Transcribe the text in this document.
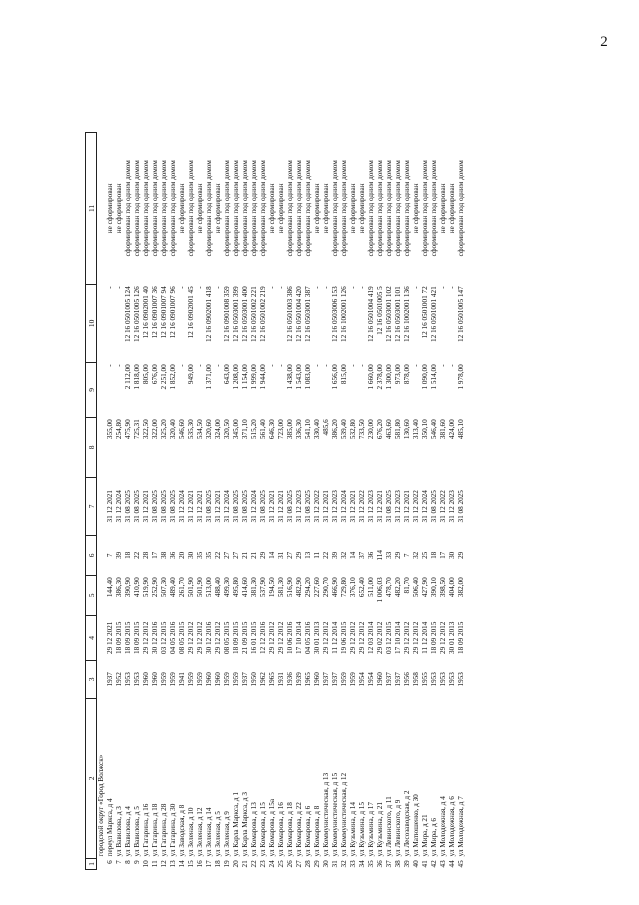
2
1	2	3	4	5	6	7	8	9	10	11
	городской округ «Город Волжск»									
6	переул Маркса, д 4	1937	29 12 2021	144,40	7	31 12 2021	355,00	-	-	не сформирован
7	ул Вавилова, д 3	1952	18 09 2015	386,30	39	31 12 2024	254,80	-	-	не сформирован
8	ул Вавилова, д 4	1953	18 09 2015	390,90	18	31 08 2025	475,90	2 112,00	12 16 0501005 124	сформирован под одним домом
9	ул Вавилова, д 5	1953	18 09 2015	410,90	22	31 08 2025	725,31	1 818,00	12 16 0501005 126	сформирован под одним домом
10	ул Гагарина, д 16	1960	29 12 2012	519,90	28	31 12 2021	322,50	805,00	12 16 0902001 40	сформирован под одним домом
11	ул Гагарина, д 18	1960	30 12 2016	252,90	17	31 08 2025	322,00	676,00	12 16 0901007 36	сформирован под одним домом
12	ул Гагарина, д 28	1959	03 12 2015	507,30	38	31 08 2025	325,20	2 251,00	12 16 0901007 94	сформирован под одним домом
13	ул Гагарина, д 30	1959	04 05 2016	489,40	36	31 08 2025	320,40	1 852,00	12 16 0901007 96	сформирован под одним домом
14	ул Заводская, д 8	1941	08 05 2015	261,70	20	31 12 2024	546,60	-	-	не сформирован
15	ул Зеленая, д 10	1959	29 12 2012	501,90	30	31 12 2021	535,30	949,00	12 16 0902001 45	сформирован под одним домом
16	ул Зеленая, д 12	1959	29 12 2012	501,90	35	31 12 2021	534,50	-	-	не сформирован
17	ул Зеленая, д 14	1960	30 12 2016	513,00	35	31 08 2025	320,60	1 371,00	12 16 0902001 418	сформирован под одним домом
18	ул Зеленая, д 5	1960	29 12 2012	488,40	22	31 12 2021	324,00	-	-	не сформирован
19	ул Зеленая, д 9	1959	08 05 2015	499,30	27	31 12 2024	320,50	643,00	12 16 0901008 359	сформирован под одним домом
20	ул Карла Маркса, д 1	1959	18 09 2015	495,80	27	31 08 2025	345,00	1 208,00	12 16 0503001 399	сформирован под одним домом
21	ул Карла Маркса, д 3	1937	21 09 2015	414,60	21	31 08 2025	371,10	1 154,00	12 16 0503001 400	сформирован под одним домом
22	ул Комарова, д 13	1950	16 01 2015	381,30	21	31 12 2024	515,20	1 999,00	12 16 0501002 221	сформирован под одним домом
23	ул Комарова, д 15	1962	12 12 2016	537,90	29	31 08 2025	561,40	1 944,00	12 16 0501002 219	сформирован под одним домом
24	ул Комарова, д 15а	1965	29 12 2012	194,50	14	31 12 2021	646,30	-	-	не сформирован
25	ул Комарова, д 16	1931	29 12 2012	581,30	31	31 12 2021	723,00	-	-	не сформирован
26	ул Комарова, д 18	1936	10 06 2016	516,90	27	31 08 2025	385,00	1 438,00	12 16 0501003 386	сформирован под одним домом
27	ул Комарова, д 22	1939	17 10 2014	482,90	29	31 12 2023	336,30	1 543,00	12 16 0501004 420	сформирован под одним домом
28	ул Комарова, д 6	1965	04 05 2016	294,20	13	31 08 2025	541,10	1 083,00	12 16 0503001 387	сформирован под одним домом
29	ул Комарова, д 8	1960	30 01 2013	227,60	11	31 12 2022	330,40	-	-	не сформирован
30	ул Коммунистическая, д 13	1937	29 12 2012	290,70	22	31 12 2021	485,6	-	-	не сформирован
31	ул Коммунистическая, д 15	1937	11 12 2014	466,90	39	31 12 2023	386,20	1 656,00	12 16 0503006 153	сформирован под одним домом
32	ул Коммунистическая, д 12	1959	19 06 2015	729,80	32	31 12 2024	539,40	815,00	12 16 1002001 126	сформирован под одним домом
33	ул Кузьмина, д 14	1959	29 12 2012	376,10	14	31 12 2021	532,80	-	-	не сформирован
34	ул Кузьмина, д 15	1954	29 12 2012	652,40	37	31 12 2022	733,50	-	-	не сформирован
35	ул Кузьмина, д 17	1954	12 03 2014	511,00	36	31 12 2023	230,00	1 660,00	12 16 0501004 419	сформирован под одним домом
36	ул Кузьмина, д 21	1960	29 02 2012	1 006,03	114	31 12 2021	676,20	2 378,00	12 16 0501005 5	сформирован под одним домом
37	ул Левинского, д 11	1937	03 12 2015	478,70	33	31 08 2025	463,60	1 300,00	12 16 0503001 102	сформирован под одним домом
38	ул Левинского, д 9	1937	17 10 2014	482,20	29	31 12 2023	581,80	973,00	12 16 0503001 101	сформирован под одним домом
39	ул Лесозаводская, д 2	1956	29 12 2012	81,70	7	31 12 2021	130,60	878,00	12 16 1002001 136	сформирован под одним домом
40	ул Матюшенко, д 30	1958	29 12 2012	506,40	32	31 12 2022	313,40	-	-	не сформирован
41	ул Мира, д 21	1955	11 12 2014	427,90	25	31 12 2024	350,10	1 090,00	12 16 0501001 72	сформирован под одним домом
42	ул Мира, д 6	1953	18 09 2015	390,10	18	31 08 2025	546,40	1 514,00	12 16 0501001 421	сформирован под одним домом
43	ул Молодежная, д 4	1953	29 12 2012	398,50	17	31 12 2022	381,60	-	-	не сформирован
44	ул Молодежная, д 6	1953	30 01 2013	404,00	30	31 12 2023	424,00	-	-	не сформирован
45	ул Молодежная, д 7	1953	18 09 2015	382,00	29	31 08 2025	485,10	1 978,00	12 16 0501005 147	сформирован под одним домом
